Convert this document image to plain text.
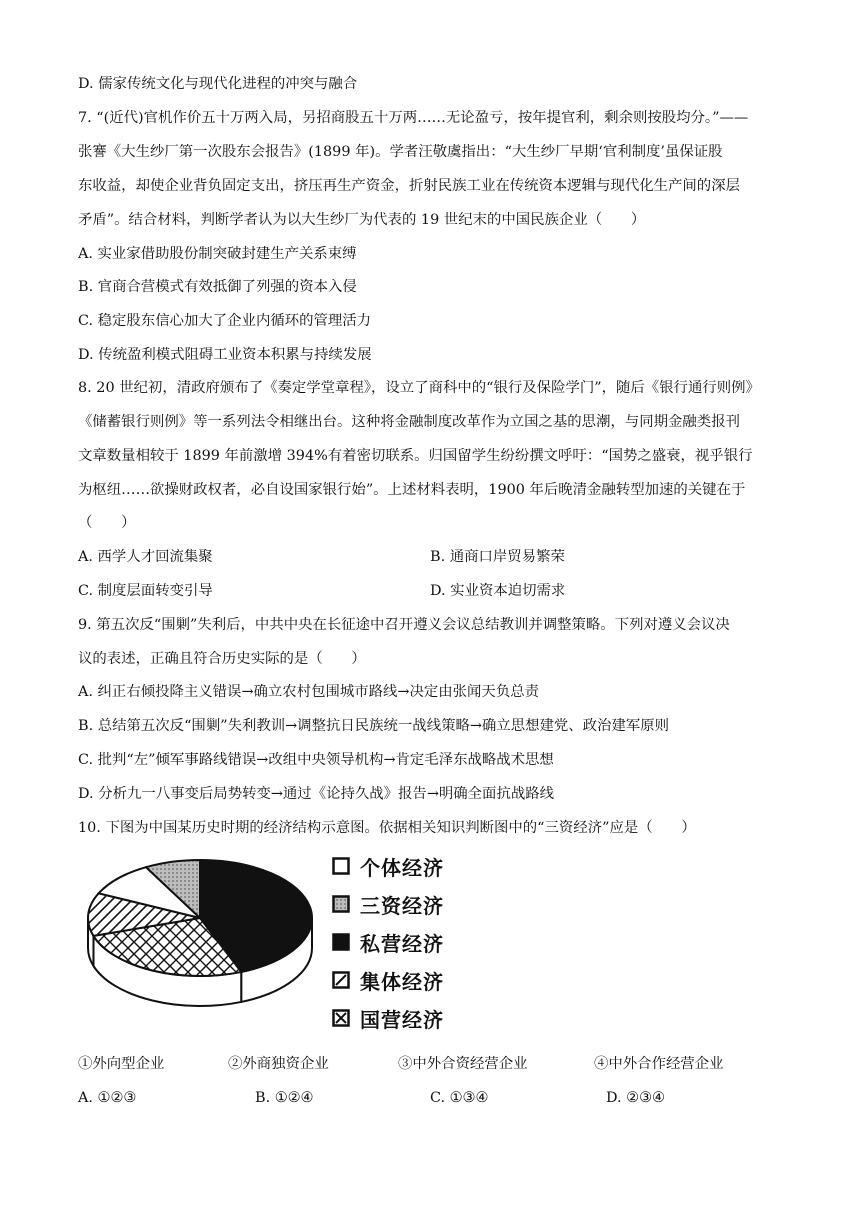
D. 儒家传统文化与现代化进程的冲突与融合
7. “(近代)官机作价五十万两入局，另招商股五十万两……无论盈亏，按年提官利，剩余则按股均分。”——
张謇《大生纱厂第一次股东会报告》(1899 年)。学者汪敬虞指出：“大生纱厂早期‘官利制度’虽保证股
东收益，却使企业背负固定支出，挤压再生产资金，折射民族工业在传统资本逻辑与现代化生产间的深层
矛盾”。结合材料，判断学者认为以大生纱厂为代表的 19 世纪末的中国民族企业（　　）
A. 实业家借助股份制突破封建生产关系束缚
B. 官商合营模式有效抵御了列强的资本入侵
C. 稳定股东信心加大了企业内循环的管理活力
D. 传统盈利模式阻碍工业资本积累与持续发展
8. 20 世纪初，清政府颁布了《奏定学堂章程》，设立了商科中的“银行及保险学门”，随后《银行通行则例》
《储蓄银行则例》等一系列法令相继出台。这种将金融制度改革作为立国之基的思潮，与同期金融类报刊
文章数量相较于 1899 年前激增 394%有着密切联系。归国留学生纷纷撰文呼吁：“国势之盛衰，视乎银行
为枢纽……欲操财政权者，必自设国家银行始”。上述材料表明，1900 年后晚清金融转型加速的关键在于
（　　）
A. 西学人才回流集聚	B. 通商口岸贸易繁荣
C. 制度层面转变引导	D. 实业资本迫切需求
9. 第五次反“围剿”失利后，中共中央在长征途中召开遵义会议总结教训并调整策略。下列对遵义会议决
议的表述，正确且符合历史实际的是（　　）
A. 纠正右倾投降主义错误→确立农村包围城市路线→决定由张闻天负总责
B. 总结第五次反“围剿”失利教训→调整抗日民族统一战线策略→确立思想建党、政治建军原则
C. 批判“左”倾军事路线错误→改组中央领导机构→肯定毛泽东战略战术思想
D. 分析九一八事变后局势转变→通过《论持久战》报告→明确全面抗战路线
10. 下图为中国某历史时期的经济结构示意图。依据相关知识判断图中的“三资经济”应是（　　）
个体经济
三资经济
私营经济
集体经济
国营经济
①外向型企业	②外商独资企业	③中外合资经营企业	④中外合作经营企业
A. ①②③	B. ①②④	C. ①③④	D. ②③④
